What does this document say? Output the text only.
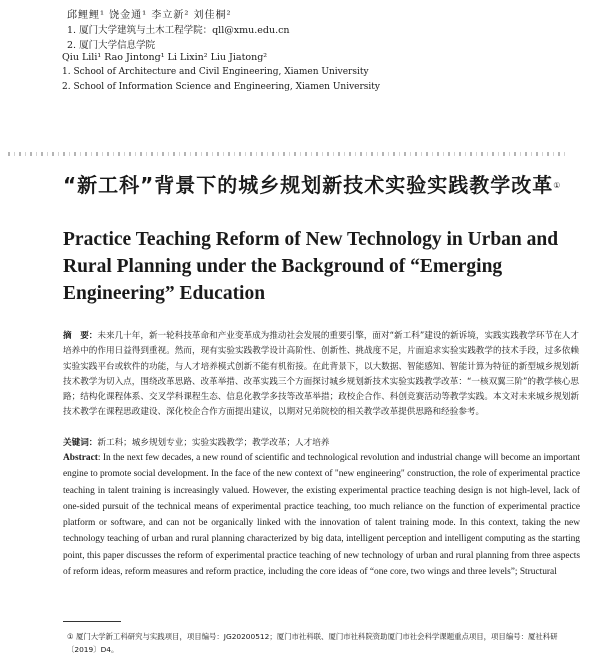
邱鲤鲤¹ 饶金通¹ 李立新² 刘佳桐²
1. 厦门大学建筑与土木工程学院：qll@xmu.edu.cn
2. 厦门大学信息学院
Qiu Lili¹ Rao Jintong¹ Li Lixin² Liu Jiatong²
1. School of Architecture and Civil Engineering, Xiamen University
2. School of Information Science and Engineering, Xiamen University
“新工科”背景下的城乡规划新技术实验实践教学改革①
Practice Teaching Reform of New Technology in Urban and Rural Planning under the Background of “Emerging Engineering” Education
摘　要：未来几十年，新一轮科技革命和产业变革成为推动社会发展的重要引擎，面对“新工科”建设的新诉境，实践实践教学环节在人才培养中的作用日益得到重视。然而，现有实验实践教学设计高阶性、创新性、挑战度不足，片面追求实验实践教学的技术手段，过多依赖实验实践平台或软件的功能，与人才培养模式创新不能有机衔接。在此背景下，以大数据、智能感知、智能计算为特征的新型城乡规划新技术教学为切入点，围绕改革思路、改革举措、改革实践三个方面探讨城乡规划新技术实验实践教学改革：“一核双翼三阶”的教学核心思路；结构化课程体系、交叉学科课程生态、信息化教学多技等改革举措；政校企合作、科创竞赛活动等教学实践。本文对未来城乡规划新技术教学在课程思政建设、深化校企合作方面提出建议，以期对兄弟院校的相关教学改革提供思路和经验参考。
关键词：新工科；城乡规划专业；实验实践教学；教学改革；人才培养
Abstract: In the next few decades, a new round of scientific and technological revolution and industrial change will become an important engine to promote social development. In the face of the new context of "new engineering" construction, the role of experimental practice teaching in talent training is increasingly valued. However, the existing experimental practice teaching design is not high-level, lack of one-sided pursuit of the technical means of experimental practice teaching, too much reliance on the function of experimental practice platform or software, and can not be organically linked with the innovation of talent training mode. In this context, taking the new technology teaching of urban and rural planning characterized by big data, intelligent perception and intelligent computing as the starting point, this paper discusses the reform of experimental practice teaching of new technology of urban and rural planning from three aspects of reform ideas, reform measures and reform practice, including the core ideas of “one core, two wings and three levels”; Structural
① 厦门大学新工科研究与实践项目，项目编号：JG20200512；厦门市社科联、厦门市社科院资助厦门市社会科学课题重点项目，项目编号：厦社科研〔2019〕D4。
